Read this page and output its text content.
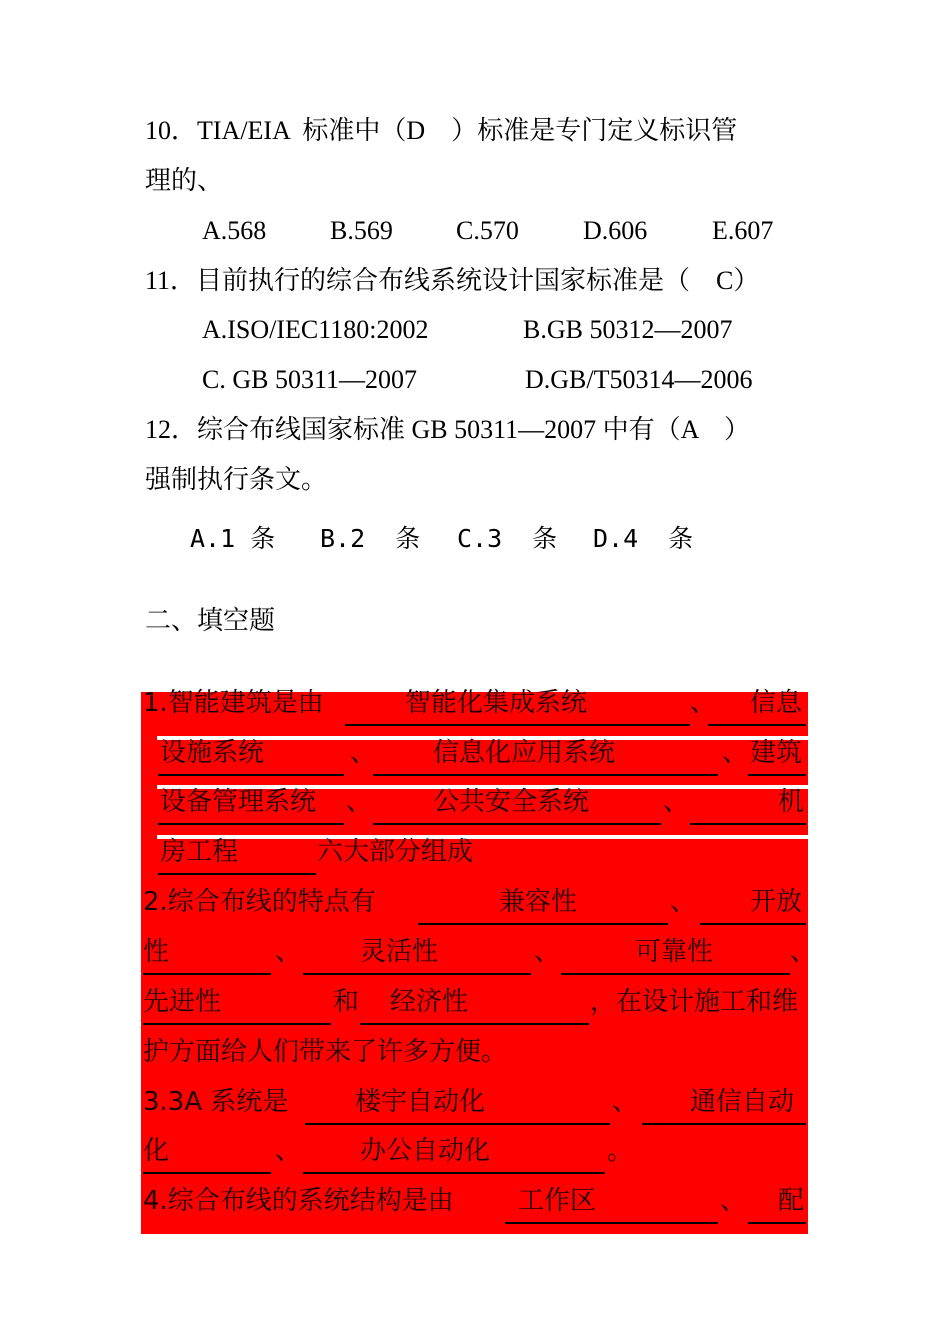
10．TIA/EIA  标准中（D    ）标准是专门定义标识管
理的、
A.568 B.569 C.570 D.606 E.607
11．目前执行的综合布线系统设计国家标准是（    C）
A.ISO/IEC1180:2002	B.GB 50312—2007
C. GB 50311—2007	D.GB/T50314—2006
12．综合布线国家标准 GB 50311—2007 中有（A    ）
强制执行条文。
A.1 条 B.2  条 C.3  条 D.4  条
二、填空题
1.智能建筑是由	智能化集成系统	、 信息
设施系统	、 信息化应用系统	、 建筑
设备管理系统 、 公共安全系统	、	机
房工程	六大部分组成
2.综合布线的特点有	兼容性	、 开放
性	、 灵活性	、	可靠性	、
先进性	和 经济性	，在设计施工和维
护方面给人们带来了许多方便。
3.3A 系统是	楼宇自动化	、 通信自动
化	、 办公自动化	。
4.综合布线的系统结构是由 工作区	、 配
